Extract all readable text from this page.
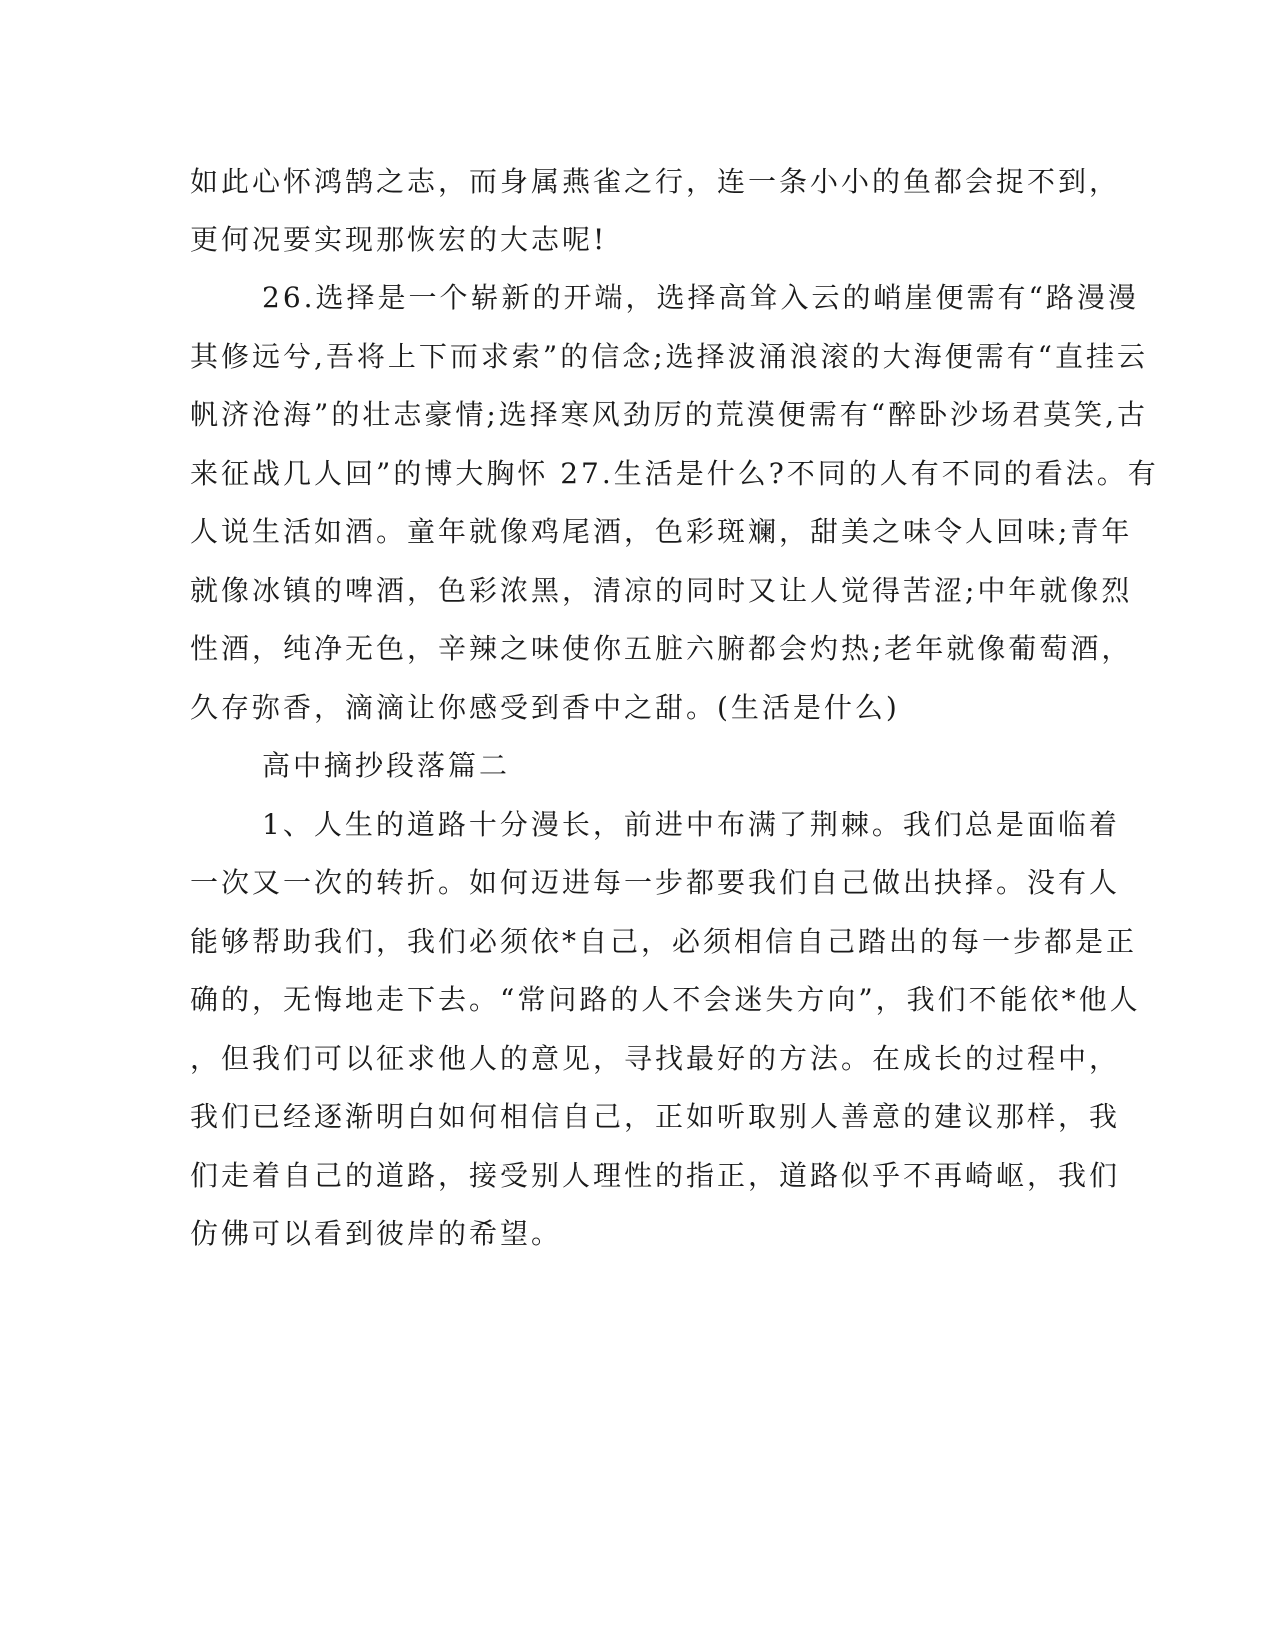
如此心怀鸿鹄之志，而身属燕雀之行，连一条小小的鱼都会捉不到，
更何况要实现那恢宏的大志呢!
26.选择是一个崭新的开端，选择高耸入云的峭崖便需有“路漫漫
其修远兮,吾将上下而求索”的信念;选择波涌浪滚的大海便需有“直挂云
帆济沧海”的壮志豪情;选择寒风劲厉的荒漠便需有“醉卧沙场君莫笑,古
来征战几人回”的博大胸怀 27.生活是什么?不同的人有不同的看法。有
人说生活如酒。童年就像鸡尾酒，色彩斑斓，甜美之味令人回味;青年
就像冰镇的啤酒，色彩浓黑，清凉的同时又让人觉得苦涩;中年就像烈
性酒，纯净无色，辛辣之味使你五脏六腑都会灼热;老年就像葡萄酒，
久存弥香，滴滴让你感受到香中之甜。(生活是什么)
高中摘抄段落篇二
1、人生的道路十分漫长，前进中布满了荆棘。我们总是面临着
一次又一次的转折。如何迈进每一步都要我们自己做出抉择。没有人
能够帮助我们，我们必须依*自己，必须相信自己踏出的每一步都是正
确的，无悔地走下去。“常问路的人不会迷失方向”，我们不能依*他人
，但我们可以征求他人的意见，寻找最好的方法。在成长的过程中，
我们已经逐渐明白如何相信自己，正如听取别人善意的建议那样，我
们走着自己的道路，接受别人理性的指正，道路似乎不再崎岖，我们
仿佛可以看到彼岸的希望。
